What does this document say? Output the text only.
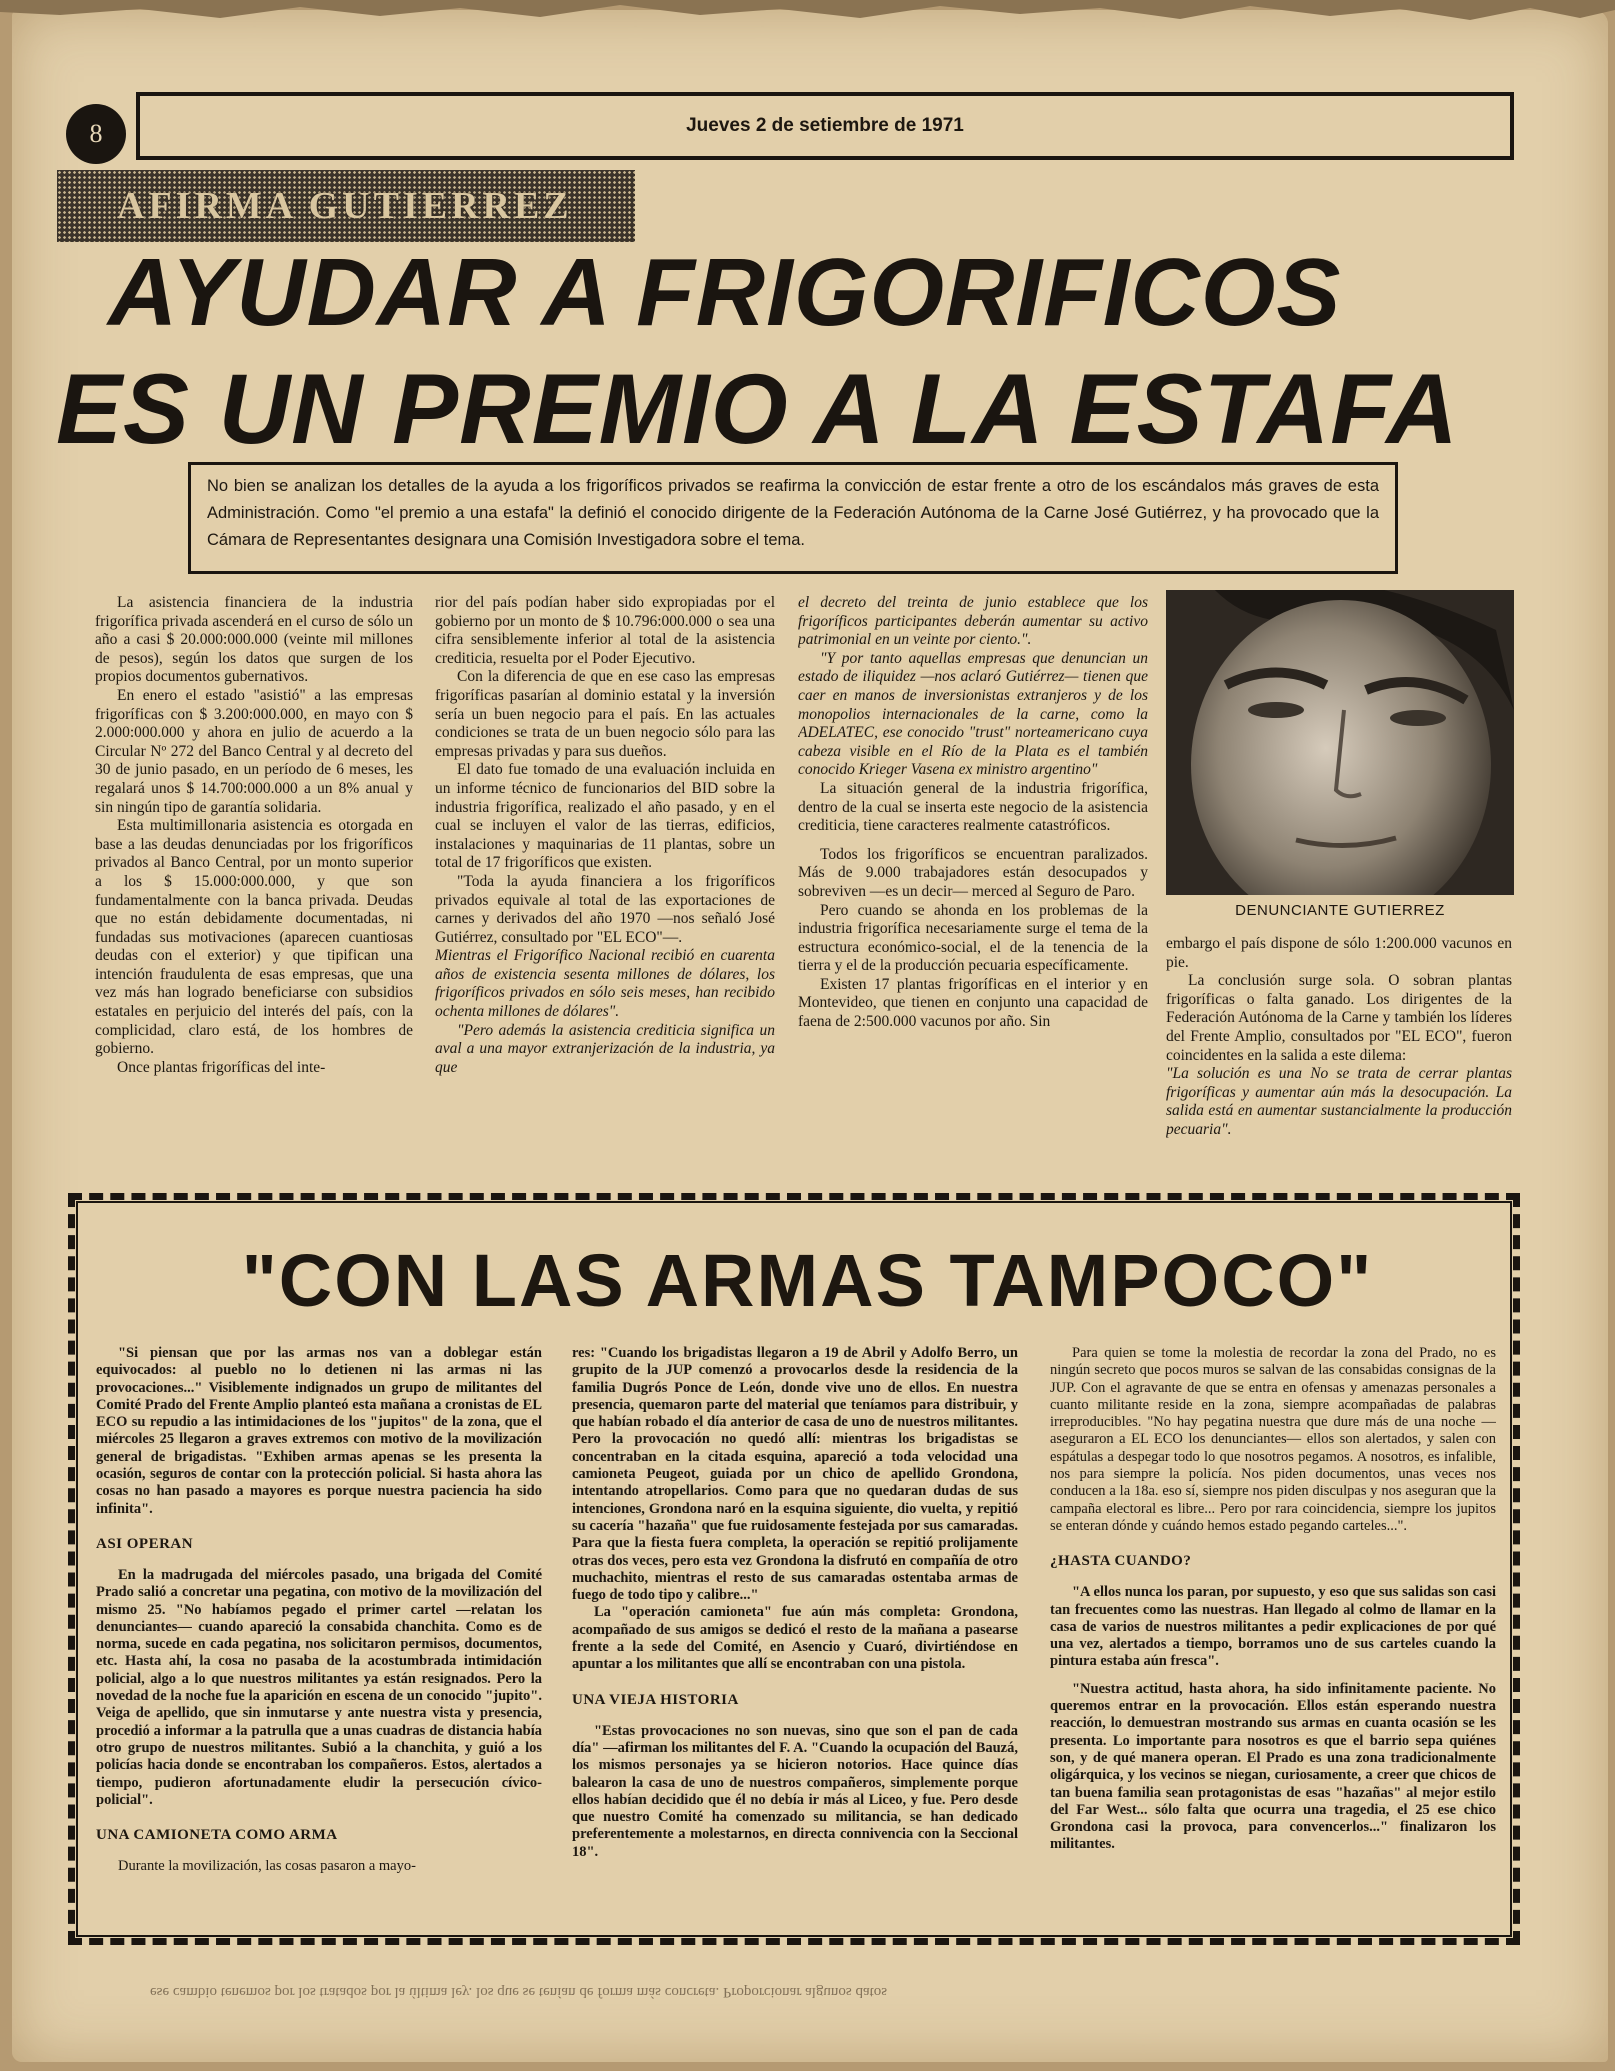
8	Jueves 2 de setiembre de 1971
AFIRMA GUTIERREZ
AYUDAR A FRIGORIFICOS
ES UN PREMIO A LA ESTAFA
No bien se analizan los detalles de la ayuda a los frigoríficos privados se reafirma la convicción de estar frente a otro de los escándalos más graves de esta Administración. Como "el premio a una estafa" la definió el conocido dirigente de la Federación Autónoma de la Carne José Gutiérrez, y ha provocado que la Cámara de Representantes designara una Comisión Investigadora sobre el tema.

La asistencia financiera de la industria frigorífica privada ascenderá en el curso de sólo un año a casi $ 20.000:000.000 (veinte mil millones de pesos), según los datos que surgen de los propios documentos gubernativos.

En enero el estado "asistió" a las empresas frigoríficas con $ 3.200:000.000, en mayo con $ 2.000:000.000 y ahora en julio de acuerdo a la Circular Nº 272 del Banco Central y al decreto del 30 de junio pasado, en un período de 6 meses, les regalará unos $ 14.700:000.000 a un 8% anual y sin ningún tipo de garantía solidaria.

Esta multimillonaria asistencia es otorgada en base a las deudas denunciadas por los frigoríficos privados al Banco Central, por un monto superior a los $ 15.000:000.000, y que son fundamentalmente con la banca privada. Deudas que no están debidamente documentadas, ni fundadas sus motivaciones (aparecen cuantiosas deudas con el exterior) y que tipifican una intención fraudulenta de esas empresas, que una vez más han logrado beneficiarse con subsidios estatales en perjuicio del interés del país, con la complicidad, claro está, de los hombres de gobierno.

Once plantas frigoríficas del inte-

rior del país podían haber sido expropiadas por el gobierno por un monto de $ 10.796:000.000 o sea una cifra sensiblemente inferior al total de la asistencia crediticia, resuelta por el Poder Ejecutivo.

Con la diferencia de que en ese caso las empresas frigoríficas pasarían al dominio estatal y la inversión sería un buen negocio para el país. En las actuales condiciones se trata de un buen negocio sólo para las empresas privadas y para sus dueños.

El dato fue tomado de una evaluación incluida en un informe técnico de funcionarios del BID sobre la industria frigorífica, realizado el año pasado, y en el cual se incluyen el valor de las tierras, edificios, instalaciones y maquinarias de 11 plantas, sobre un total de 17 frigoríficos que existen.

"Toda la ayuda financiera a los frigoríficos privados equivale al total de las exportaciones de carnes y derivados del año 1970 —nos señaló José Gutiérrez, consultado por "EL ECO"—.

Mientras el Frigorífico Nacional recibió en cuarenta años de existencia sesenta millones de dólares, los frigoríficos privados en sólo seis meses, han recibido ochenta millones de dólares".

"Pero además la asistencia crediticia significa un aval a una mayor extranjerización de la industria, ya que

el decreto del treinta de junio establece que los frigoríficos participantes deberán aumentar su activo patrimonial en un veinte por ciento.".

"Y por tanto aquellas empresas que denuncian un estado de iliquidez —nos aclaró Gutiérrez— tienen que caer en manos de inversionistas extranjeros y de los monopolios internacionales de la carne, como la ADELATEC, ese conocido "trust" norteamericano cuya cabeza visible en el Río de la Plata es el también conocido Krieger Vasena ex ministro argentino"

La situación general de la industria frigorífica, dentro de la cual se inserta este negocio de la asistencia crediticia, tiene caracteres realmente catastróficos.

Todos los frigoríficos se encuentran paralizados. Más de 9.000 trabajadores están desocupados y sobreviven —es un decir— merced al Seguro de Paro.

Pero cuando se ahonda en los problemas de la industria frigorífica necesariamente surge el tema de la estructura económico-social, el de la tenencia de la tierra y el de la producción pecuaria específicamente.

Existen 17 plantas frigoríficas en el interior y en Montevideo, que tienen en conjunto una capacidad de faena de 2:500.000 vacunos por año. Sin

DENUNCIANTE GUTIERREZ

embargo el país dispone de sólo 1:200.000 vacunos en pie.

La conclusión surge sola. O sobran plantas frigoríficas o falta ganado. Los dirigentes de la Federación Autónoma de la Carne y también los líderes del Frente Amplio, consultados por "EL ECO", fueron coincidentes en la salida a este dilema:

"La solución es una No se trata de cerrar plantas frigoríficas y aumentar aún más la desocupación. La salida está en aumentar sustancialmente la producción pecuaria".

"CON LAS ARMAS TAMPOCO"

"Si piensan que por las armas nos van a doblegar están equivocados: al pueblo no lo detienen ni las armas ni las provocaciones..." Visiblemente indignados un grupo de militantes del Comité Prado del Frente Amplio planteó esta mañana a cronistas de EL ECO su repudio a las intimidaciones de los "jupitos" de la zona, que el miércoles 25 llegaron a graves extremos con motivo de la movilización general de brigadistas. "Exhiben armas apenas se les presenta la ocasión, seguros de contar con la protección policial. Si hasta ahora las cosas no han pasado a mayores es porque nuestra paciencia ha sido infinita".

ASI OPERAN

En la madrugada del miércoles pasado, una brigada del Comité Prado salió a concretar una pegatina, con motivo de la movilización del mismo 25. "No habíamos pegado el primer cartel —relatan los denunciantes— cuando apareció la consabida chanchita. Como es de norma, sucede en cada pegatina, nos solicitaron permisos, documentos, etc. Hasta ahí, la cosa no pasaba de la acostumbrada intimidación policial, algo a lo que nuestros militantes ya están resignados. Pero la novedad de la noche fue la aparición en escena de un conocido "jupito". Veiga de apellido, que sin inmutarse y ante nuestra vista y presencia, procedió a informar a la patrulla que a unas cuadras de distancia había otro grupo de nuestros militantes. Subió a la chanchita, y guió a los policías hacia donde se encontraban los compañeros. Estos, alertados a tiempo, pudieron afortunadamente eludir la persecución cívico-policial".

UNA CAMIONETA COMO ARMA

Durante la movilización, las cosas pasaron a mayo-

res: "Cuando los brigadistas llegaron a 19 de Abril y Adolfo Berro, un grupito de la JUP comenzó a provocarlos desde la residencia de la familia Dugrós Ponce de León, donde vive uno de ellos. En nuestra presencia, quemaron parte del material que teníamos para distribuir, y que habían robado el día anterior de casa de uno de nuestros militantes. Pero la provocación no quedó allí: mientras los brigadistas se concentraban en la citada esquina, apareció a toda velocidad una camioneta Peugeot, guiada por un chico de apellido Grondona, intentando atropellarios. Como para que no quedaran dudas de sus intenciones, Grondona naró en la esquina siguiente, dio vuelta, y repitió su cacería "hazaña" que fue ruidosamente festejada por sus camaradas. Para que la fiesta fuera completa, la operación se repitió prolijamente otras dos veces, pero esta vez Grondona la disfrutó en compañía de otro muchachito, mientras el resto de sus camaradas ostentaba armas de fuego de todo tipo y calibre..."

La "operación camioneta" fue aún más completa: Grondona, acompañado de sus amigos se dedicó el resto de la mañana a pasearse frente a la sede del Comité, en Asencio y Cuaró, divirtiéndose en apuntar a los militantes que allí se encontraban con una pistola.

UNA VIEJA HISTORIA

"Estas provocaciones no son nuevas, sino que son el pan de cada día" —afirman los militantes del F. A. "Cuando la ocupación del Bauzá, los mismos personajes ya se hicieron notorios. Hace quince días balearon la casa de uno de nuestros compañeros, simplemente porque ellos habían decidido que él no debía ir más al Liceo, y fue. Pero desde que nuestro Comité ha comenzado su militancia, se han dedicado preferentemente a molestarnos, en directa connivencia con la Seccional 18".

Para quien se tome la molestia de recordar la zona del Prado, no es ningún secreto que pocos muros se salvan de las consabidas consignas de la JUP. Con el agravante de que se entra en ofensas y amenazas personales a cuanto militante reside en la zona, siempre acompañadas de palabras irreproducibles. "No hay pegatina nuestra que dure más de una noche —aseguraron a EL ECO los denunciantes— ellos son alertados, y salen con espátulas a despegar todo lo que nosotros pegamos. A nosotros, es infalible, nos para siempre la policía. Nos piden documentos, unas veces nos conducen a la 18a. eso sí, siempre nos piden disculpas y nos aseguran que la campaña electoral es libre... Pero por rara coincidencia, siempre los jupitos se enteran dónde y cuándo hemos estado pegando carteles...".

¿HASTA CUANDO?

"A ellos nunca los paran, por supuesto, y eso que sus salidas son casi tan frecuentes como las nuestras. Han llegado al colmo de llamar en la casa de varios de nuestros militantes a pedir explicaciones de por qué una vez, alertados a tiempo, borramos uno de sus carteles cuando la pintura estaba aún fresca".

"Nuestra actitud, hasta ahora, ha sido infinitamente paciente. No queremos entrar en la provocación. Ellos están esperando nuestra reacción, lo demuestran mostrando sus armas en cuanta ocasión se les presenta. Lo importante para nosotros es que el barrio sepa quiénes son, y de qué manera operan. El Prado es una zona tradicionalmente oligárquica, y los vecinos se niegan, curiosamente, a creer que chicos de tan buena familia sean protagonistas de esas "hazañas" al mejor estilo del Far West... sólo falta que ocurra una tragedia, el 25 ese chico Grondona casi la provoca, para convencerlos..." finalizaron los militantes.

ese cambio tenemos por los tratados por la última ley. los que se tenían de forma más concreta. Proporcionar algunos datos
